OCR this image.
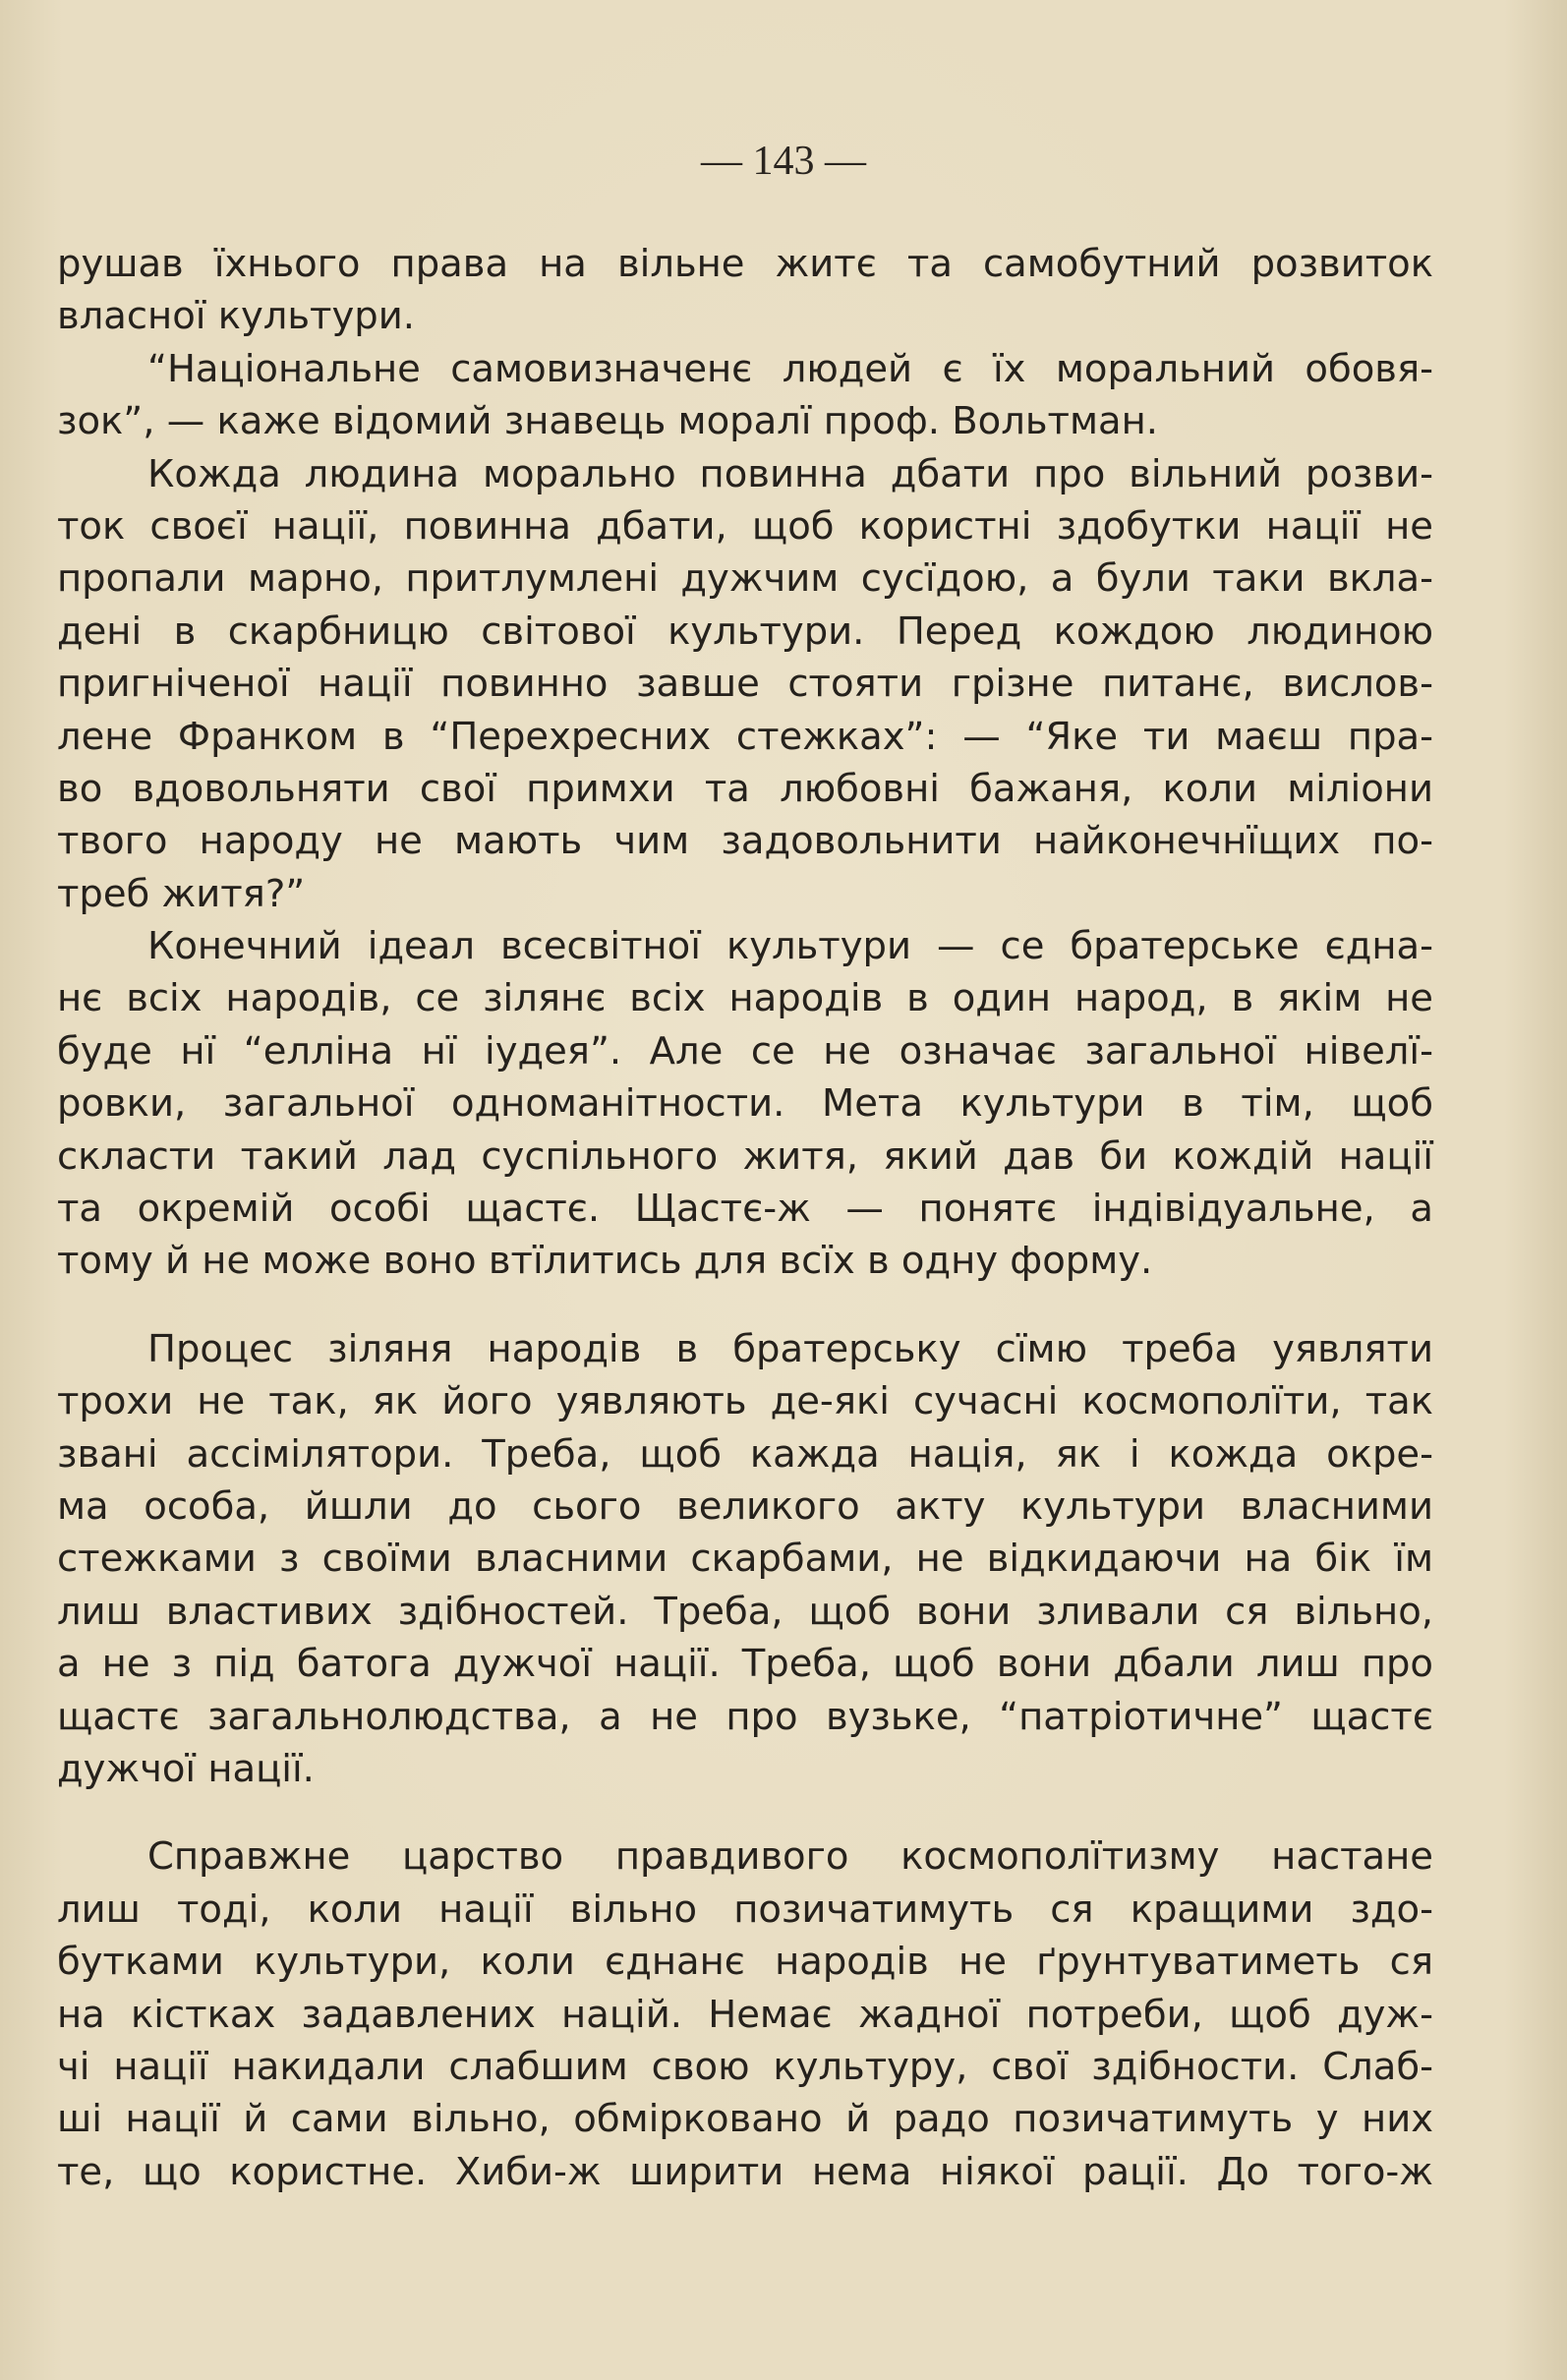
— 143 —
рушав їхнього права на вільне житє та самобутний розвиток
власної культури.
“Національне самовизначенє людей є їх моральний обовя-
зок”, — каже відомий знавець моралї проф. Вольтман.
Кожда людина морально повинна дбати про вільний розви-
ток своєї нації, повинна дбати, щоб користні здобутки нації не
пропали марно, притлумлені дужчим сусїдою, а були таки вкла-
дені в скарбницю світової культури. Перед кождою людиною
пригніченої нації повинно завше стояти грізне питанє, вислов-
лене Франком в “Перехресних стежках”: — “Яке ти маєш пра-
во вдовольняти свої примхи та любовні бажаня, коли міліони
твого народу не мають чим задовольнити найконечнїщих по-
треб житя?”
Конечний ідеал всесвітної культури — се братерське єдна-
нє всіх народів, се зілянє всіх народів в один народ, в якім не
буде нї “елліна нї іудея”. Але се не означає загальної нівелї-
ровки, загальної одноманітности. Мета культури в тім, щоб
скласти такий лад суспільного житя, який дав би кождій нації
та окремій особі щастє. Щастє-ж — понятє індівідуальне, а
тому й не може воно втїлитись для всїх в одну форму.
Процес зіляня народів в братерську сїмю треба уявляти
трохи не так, як його уявляють де-які сучасні космополїти, так
звані ассімілятори. Треба, щоб кажда нація, як і кожда окре-
ма особа, йшли до сього великого акту культури власними
стежками з своїми власними скарбами, не відкидаючи на бік їм
лиш властивих здібностей. Треба, щоб вони зливали ся вільно,
а не з під батога дужчої нації. Треба, щоб вони дбали лиш про
щастє загальнолюдства, а не про вузьке, “патріотичне” щастє
дужчої нації.
Справжне царство правдивого космополїтизму настане
лиш тоді, коли нації вільно позичатимуть ся кращими здо-
бутками культури, коли єднанє народів не ґрунтуватиметь ся
на кістках задавлених націй. Немає жадної потреби, щоб дуж-
чі нації накидали слабшим свою культуру, свої здібности. Слаб-
ші нації й сами вільно, обмірковано й радо позичатимуть у них
те, що користне. Хиби-ж ширити нема ніякої рації. До того-ж
